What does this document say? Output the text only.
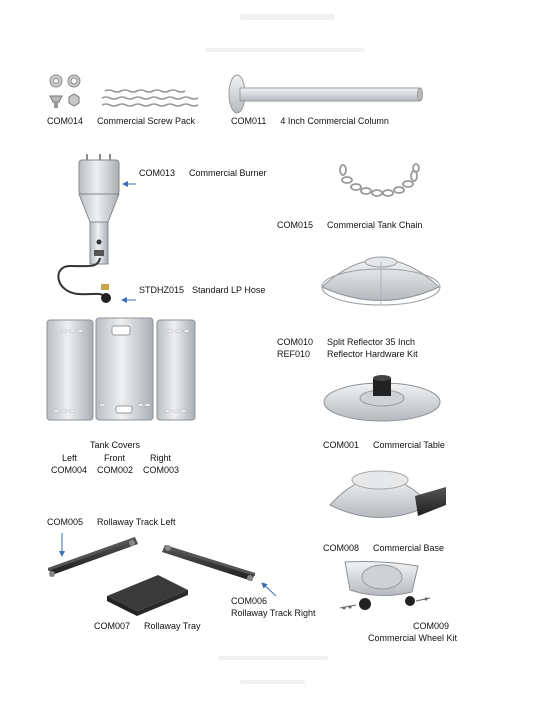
COM014 Commercial Screw Pack	COM011 4 Inch Commercial Column
COM013 Commercial Burner
COM015 Commercial Tank Chain
STDHZ015 Standard LP Hose
COM010 Split Reflector 35 Inch
REF010 Reflector Hardware Kit
COM001 Commercial Table
COM008 Commercial Base
COM005 Rollaway Track Left
COM006
Rollaway Track Right
COM007 Rollaway Tray	COM009
Commercial Wheel Kit
Tank Covers
Left	Front	Right
COM004 COM002 COM003
